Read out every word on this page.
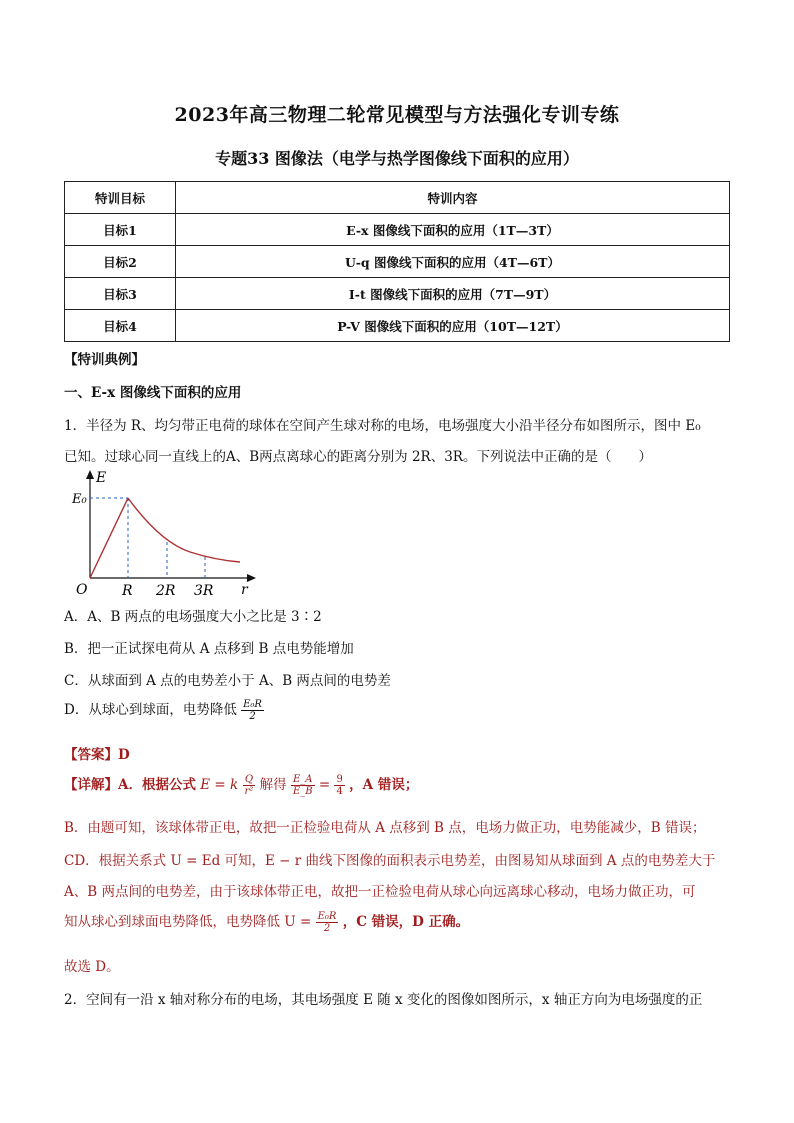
2023年高三物理二轮常见模型与方法强化专训专练
专题33 图像法（电学与热学图像线下面积的应用）
特训目标	特训内容
目标1	E-x 图像线下面积的应用（1T—3T）
目标2	U-q 图像线下面积的应用（4T—6T）
目标3	I-t 图像线下面积的应用（7T—9T）
目标4	P-V 图像线下面积的应用（10T—12T）
【特训典例】
一、E-x 图像线下面积的应用
1．半径为 R、均匀带正电荷的球体在空间产生球对称的电场，电场强度大小沿半径分布如图所示，图中 E₀
已知。过球心同一直线上的A、B两点离球心的距离分别为 2R、3R。下列说法中正确的是（　　）
E
r
E₀
O R 2R 3R
A．A、B 两点的电场强度大小之比是 3∶2
B．把一正试探电荷从 A 点移到 B 点电势能增加
C．从球面到 A 点的电势差小于 A、B 两点间的电势差
D．从球心到球面，电势降低 $\frac{\text{E₀R}}{2}$
【答案】D
【详解】A．根据公式 E = k $\frac{Q}{\text{r²}}$ 解得 $\frac{E\_A}{E\_B} = \frac{9}{4}$ ，A 错误；
B．由题可知，该球体带正电，故把一正检验电荷从 A 点移到 B 点，电场力做正功，电势能减少，B 错误；
CD．根据关系式 U = Ed 可知，E − r 曲线下图像的面积表示电势差，由图易知从球面到 A 点的电势差大于
A、B 两点间的电势差，由于该球体带正电，故把一正检验电荷从球心向远离球心移动，电场力做正功，可
知从球心到球面电势降低，电势降低 $U = \frac{\text{E₀R}}{2}$ ，C 错误，D 正确。
故选 D。
2．空间有一沿 x 轴对称分布的电场，其电场强度 E 随 x 变化的图像如图所示，x 轴正方向为电场强度的正
